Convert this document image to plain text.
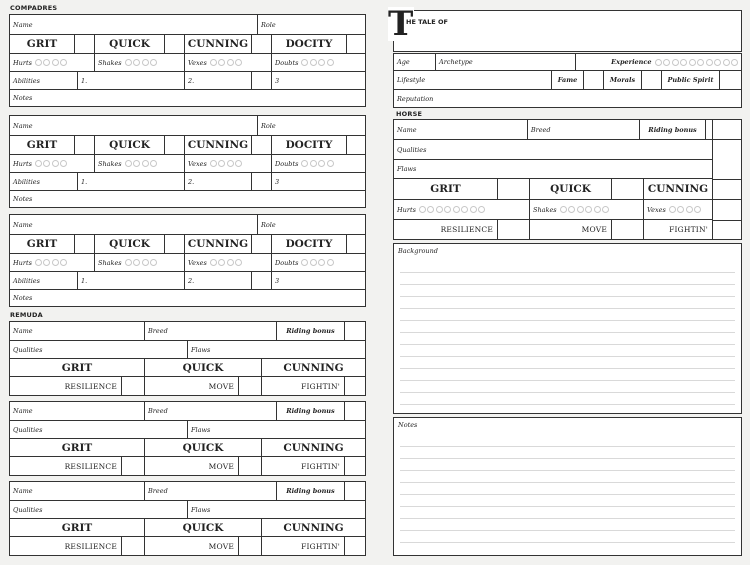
COMPADRES
Name	Role
GRIT	QUICK	CUNNING	DOCITY
Hurts	Shakes	Vexes	Doubts
Abilities	1.	2.	3
Notes
Name	Role
GRIT	QUICK	CUNNING	DOCITY
Hurts	Shakes	Vexes	Doubts
Abilities	1.	2.	3
Notes
Name	Role
GRIT	QUICK	CUNNING	DOCITY
Hurts	Shakes	Vexes	Doubts
Abilities	1.	2.	3
Notes
REMUDA
Name	Breed	Riding bonus
Qualities	Flaws
GRIT	QUICK	CUNNING
RESILIENCE	MOVE	FIGHTIN'
Name	Breed	Riding bonus
Qualities	Flaws
GRIT	QUICK	CUNNING
RESILIENCE	MOVE	FIGHTIN'
Name	Breed	Riding bonus
Qualities	Flaws
GRIT	QUICK	CUNNING
RESILIENCE	MOVE	FIGHTIN'
T
HE TALE OF
Age	Archetype	Experience
Lifestyle	Fame	Morals	Public Spirit
Reputation
HORSE
Name	Breed	Riding bonus
Qualities
Flaws
GRIT	QUICK	CUNNING
Hurts	Shakes	Vexes
RESILIENCE	MOVE	FIGHTIN'
Background
Notes
